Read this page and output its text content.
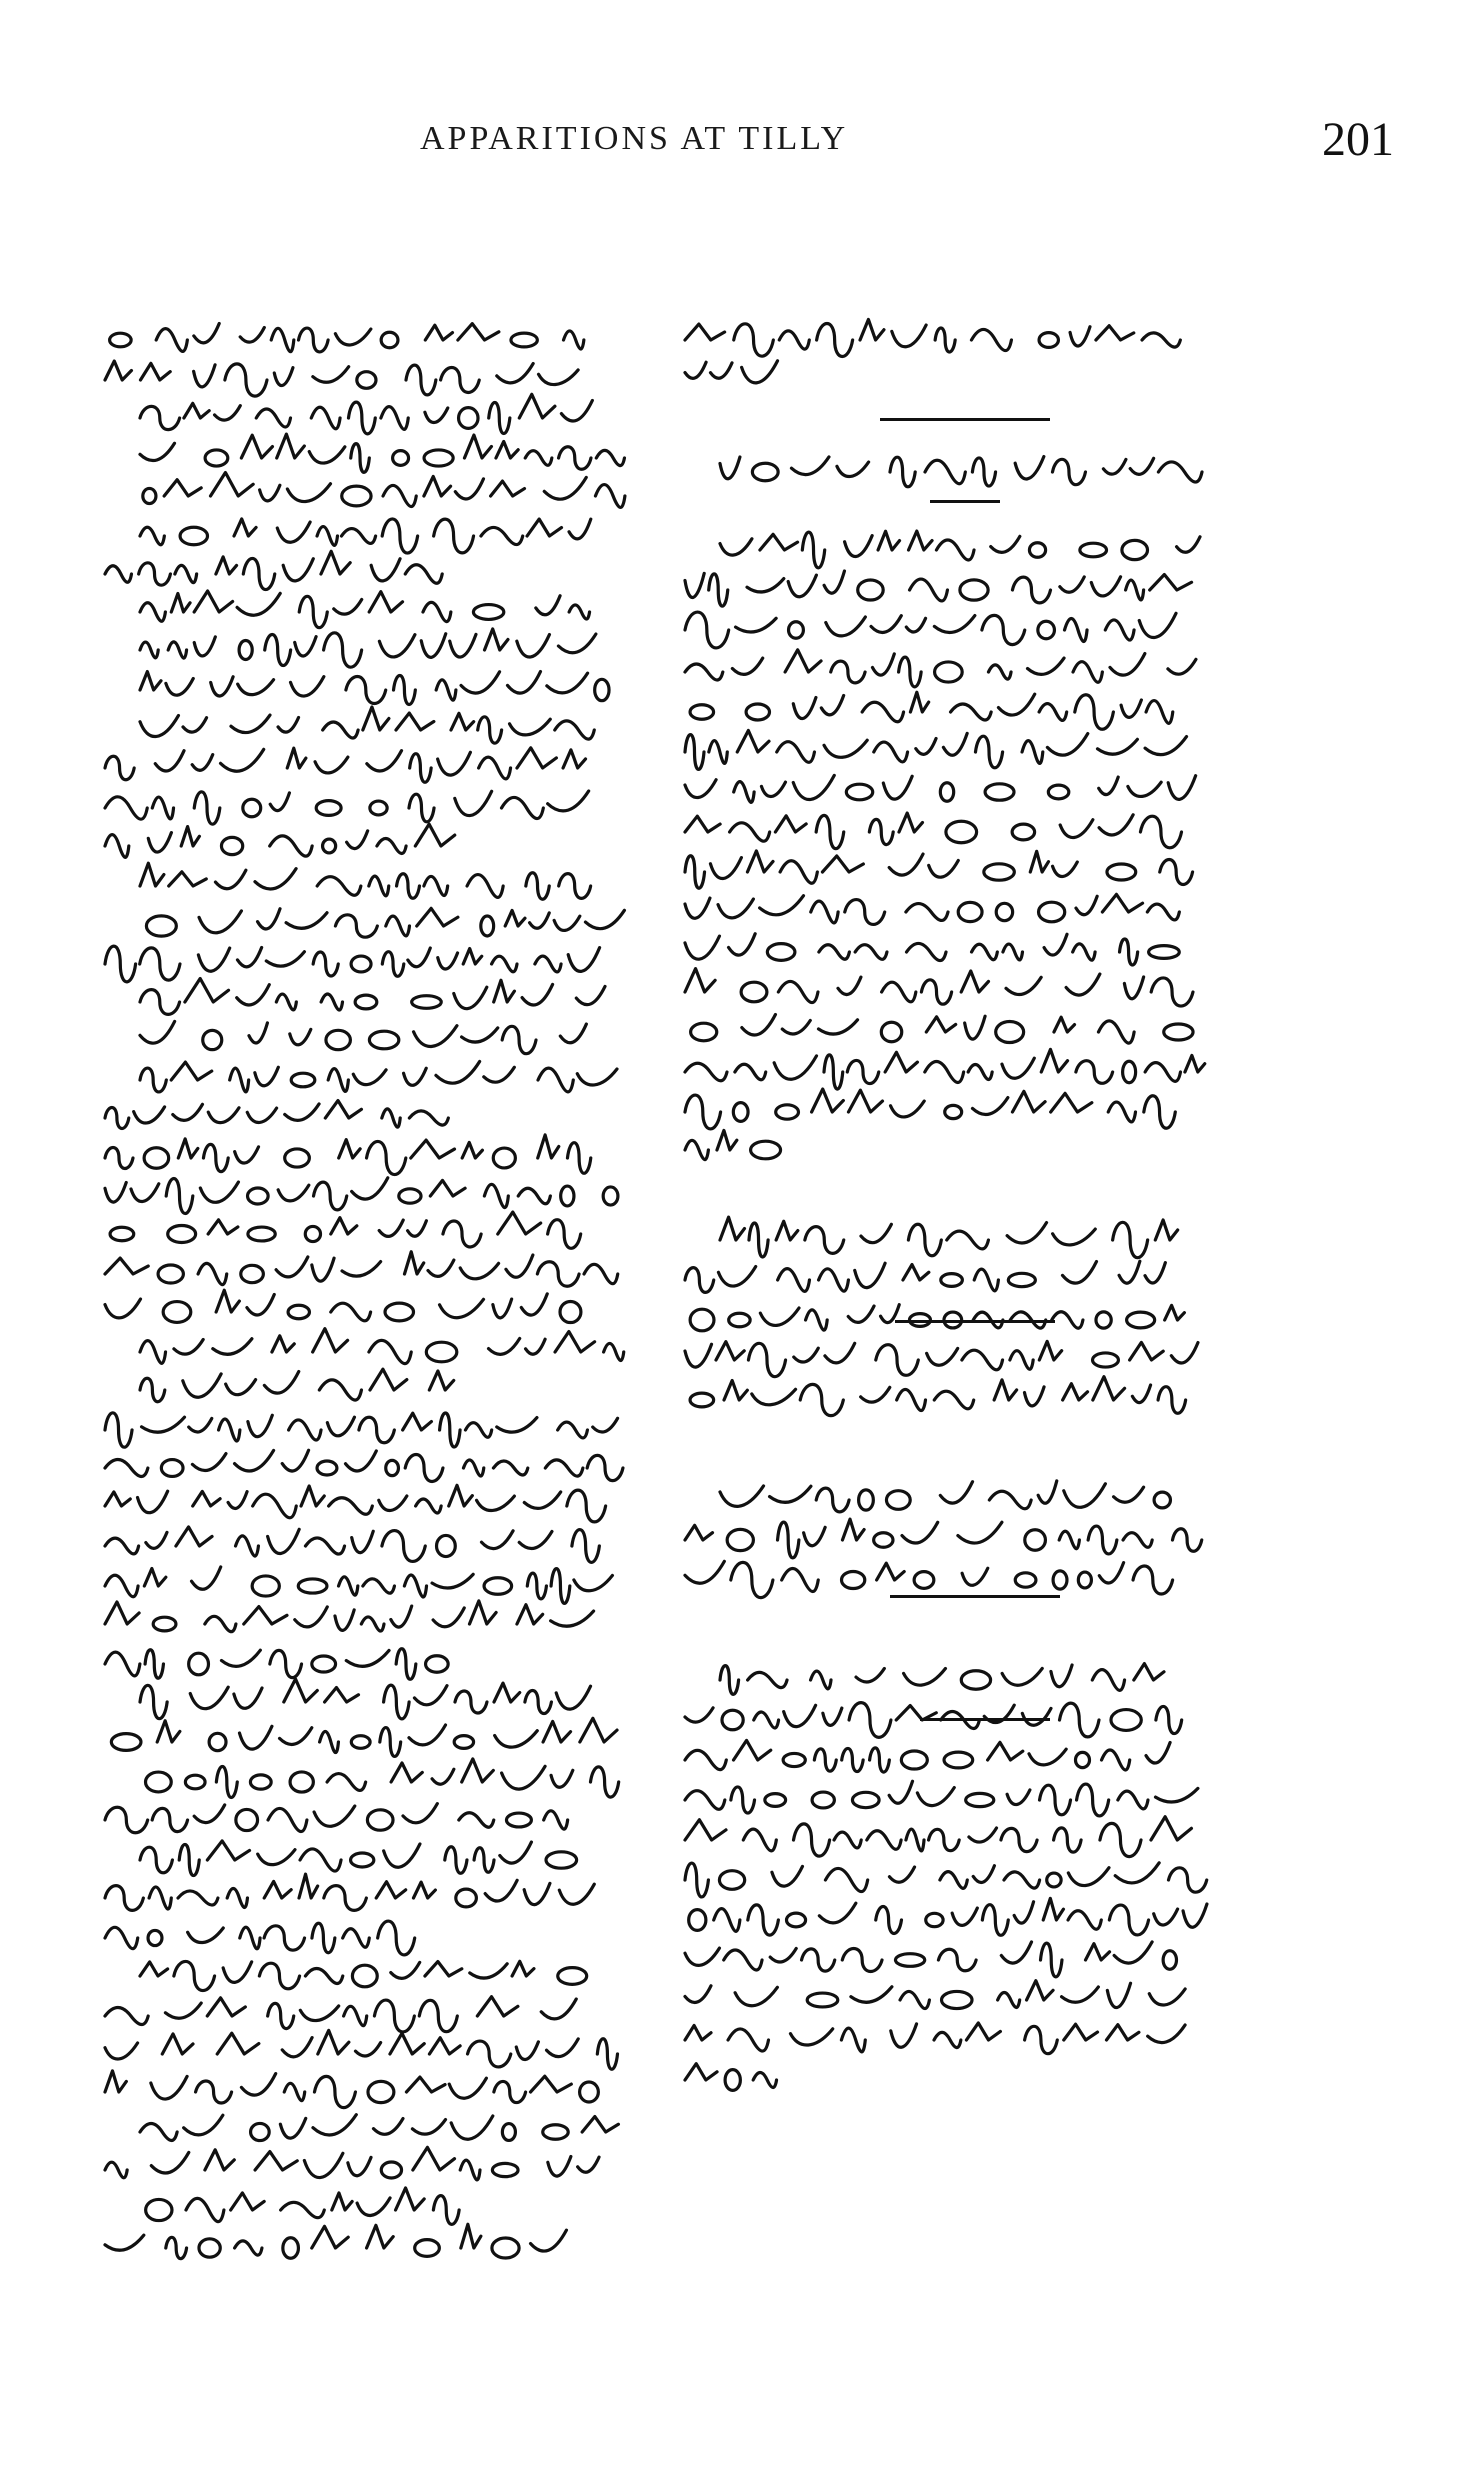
APPARITIONS AT TILLY	201
